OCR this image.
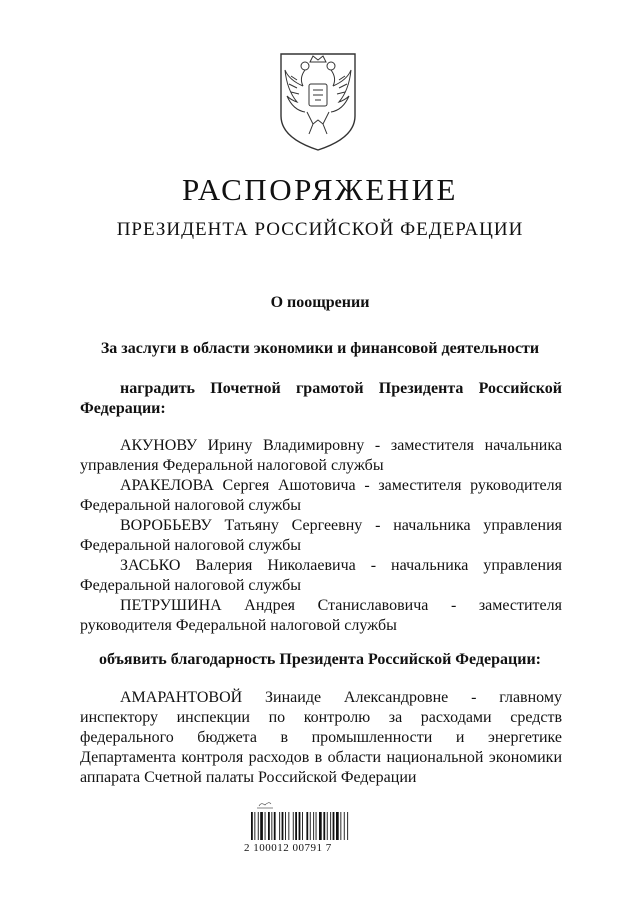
РАСПОРЯЖЕНИЕ
ПРЕЗИДЕНТА РОССИЙСКОЙ ФЕДЕРАЦИИ
О поощрении
За заслуги в области экономики и финансовой деятельности
наградить Почетной грамотой Президента Российской
Федерации:
АКУНОВУ Ирину Владимировну - заместителя начальника
управления Федеральной налоговой службы
АРАКЕЛОВА Сергея Ашотовича - заместителя руководителя
Федеральной налоговой службы
ВОРОБЬЕВУ Татьяну Сергеевну - начальника управления
Федеральной налоговой службы
ЗАСЬКО Валерия Николаевича - начальника управления
Федеральной налоговой службы
ПЕТРУШИНА Андрея Станиславовича - заместителя
руководителя Федеральной налоговой службы
объявить благодарность Президента Российской Федерации:
АМАРАНТОВОЙ Зинаиде Александровне - главному
инспектору инспекции по контролю за расходами средств
федерального бюджета в промышленности и энергетике
Департамента контроля расходов в области национальной экономики
аппарата Счетной палаты Российской Федерации
2 100012 00791 7
